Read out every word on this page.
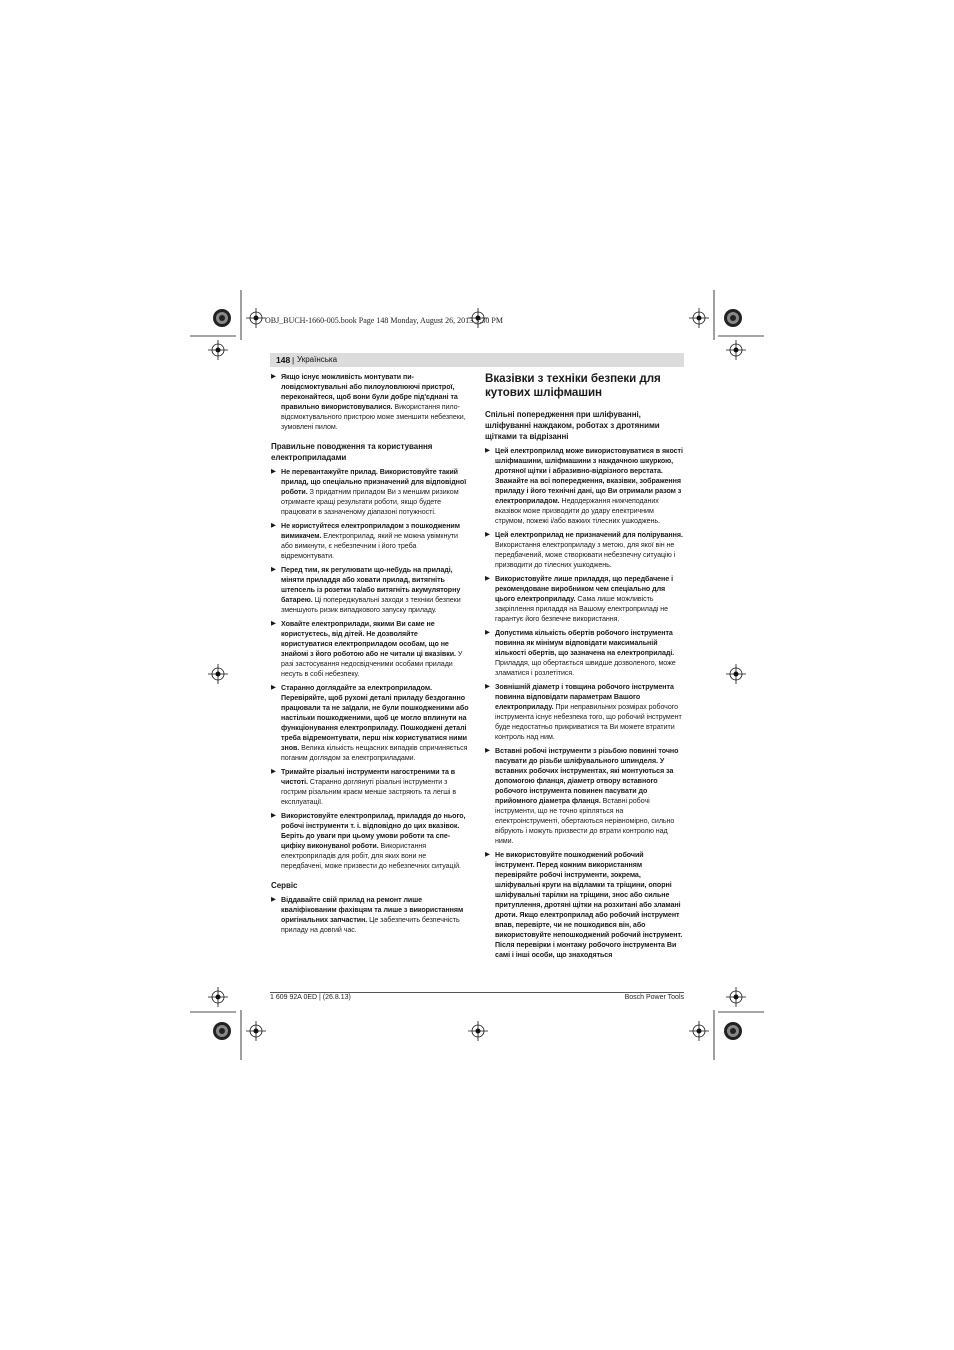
OBJ_BUCH-1660-005.book Page 148 Monday, August 26, 2013 3:30 PM
148 | Українська
▶ Якщо існує можливість монтувати пи-ловідсмоктувальні або пилоуловлюючі пристрої, переконайтеся, щоб вони були добре під'єднані та правильно використовувалися. Використання пило-відсмоктувального пристрою може зменшити небезпеки, зумовлені пилом.
Правильне поводження та користування електроприладами
▶ Не перевантажуйте прилад. Використовуйте такий прилад, що спеціально призначений для відповідної роботи. З придатним приладом Ви з меншим ризиком отримаєте кращі результати роботи, якщо будете працювати в зазначеному діапазоні потужності.
▶ Не користуйтеся електроприладом з пошкодженим вимикачем. Електроприлад, який не можна увімкнути або вимкнути, є небезпечним і його треба відремонтувати.
▶ Перед тим, як регулювати що-небудь на приладі, міняти приладдя або ховати прилад, витягніть штепсель із розетки та/або витягніть акумуляторну батарею. Ці попереджувальні заходи з техніки безпеки зменшують ризик випадкового запуску приладу.
▶ Ховайте електроприлади, якими Ви саме не користуєтесь, від дітей. Не дозволяйте користуватися електроприладом особам, що не знайомі з його роботою або не читали ці вказівки. У разі застосування недосвідченими особами прилади несуть в собі небезпеку.
▶ Старанно доглядайте за електроприладом. Перевіряйте, щоб рухомі деталі приладу бездоганно працювали та не заїдали, не були пошкодженими або настільки пошкодженими, щоб це могло вплинути на функціонування електроприладу. Пошкоджені деталі треба відремонтувати, перш ніж користуватися ними знов. Велика кількість нещасних випадків спричиняється поганим доглядом за електроприладами.
▶ Тримайте різальні інструменти нагостреними та в чистоті. Старанно доглянуті різальні інструменти з гострим різальним краєм менше застряють та легші в експлуатації.
▶ Використовуйте електроприлад, приладдя до нього, робочі інструменти т. і. відповідно до цих вказівок. Беріть до уваги при цьому умови роботи та спе-цифіку виконуваної роботи. Використання електроприладів для робіт, для яких вони не передбачені, може призвести до небезпечних ситуацій.
Сервіс
▶ Віддавайте свій прилад на ремонт лише кваліфікованим фахівцям та лише з використанням оригінальних запчастин. Це забезпечить безпечність приладу на довгий час.
Вказівки з техніки безпеки для кутових шліфмашин
Спільні попередження при шліфуванні, шліфуванні наждаком, роботах з дротяними щітками та відрізанні
▶ Цей електроприлад може використовуватися в якості шліфмашини, шліфмашини з наждачною шкуркою, дротяної щітки і абразивно-відрізного верстата. Зважайте на всі попередження, вказівки, зображення приладу і його технічні дані, що Ви отримали разом з електроприладом. Недодержання нижчеподаних вказівок може призводити до удару електричним струмом, пожежі і/або важких тілесних ушкоджень.
▶ Цей електроприлад не призначений для полірування. Використання електроприладу з метою, для якої він не передбачений, може створювати небезпечну ситуацію і призводити до тілесних ушкоджень.
▶ Використовуйте лише приладдя, що передбачене і рекомендоване виробником чем спеціально для цього електроприладу. Сама лише можливість закріплення приладдя на Вашому електроприладі не гарантує його безпечне використання.
▶ Допустима кількість обертів робочого інструмента повинна як мінімум відповідати максимальній кількості обертів, що зазначена на електроприладі. Приладдя, що обертається швидше дозволеного, може зламатися і розлетітися.
▶ Зовнішній діаметр і товщина робочого інструмента повинна відповідати параметрам Вашого електроприладу. При неправильних розмірах робочого інструмента існує небезпека того, що робочий інструмент буде недостатньо прикриватися та Ви можете втратити контроль над ним.
▶ Вставні робочі інструменти з різьбою повинні точно пасувати до різьби шліфувального шпинделя. У вставних робочих інструментах, які монтуються за допомогою фланця, діаметр отвору вставного робочого інструмента повинен пасувати до прийомного діаметра фланця. Вставні робочі інструменти, що не точно кріпляться на електроінструменті, обертаються нерівномірно, сильно вібрують і можуть призвести до втрати контролю над ними.
▶ Не використовуйте пошкоджений робочий інструмент. Перед кожним використанням перевіряйте робочі інструменти, зокрема, шліфувальні круги на відламки та тріщини, опорні шліфувальні тарілки на тріщини, знос або сильне притуплення, дротяні щітки на розхитані або зламані дроти. Якщо електроприлад або робочий інструмент впав, перевірте, чи не пошкодився він, або використовуйте непошкоджений робочий інструмент. Після перевірки і монтажу робочого інструмента Ви самі і інші особи, що знаходяться
1 609 92A 0ED | (26.8.13)	Bosch Power Tools
